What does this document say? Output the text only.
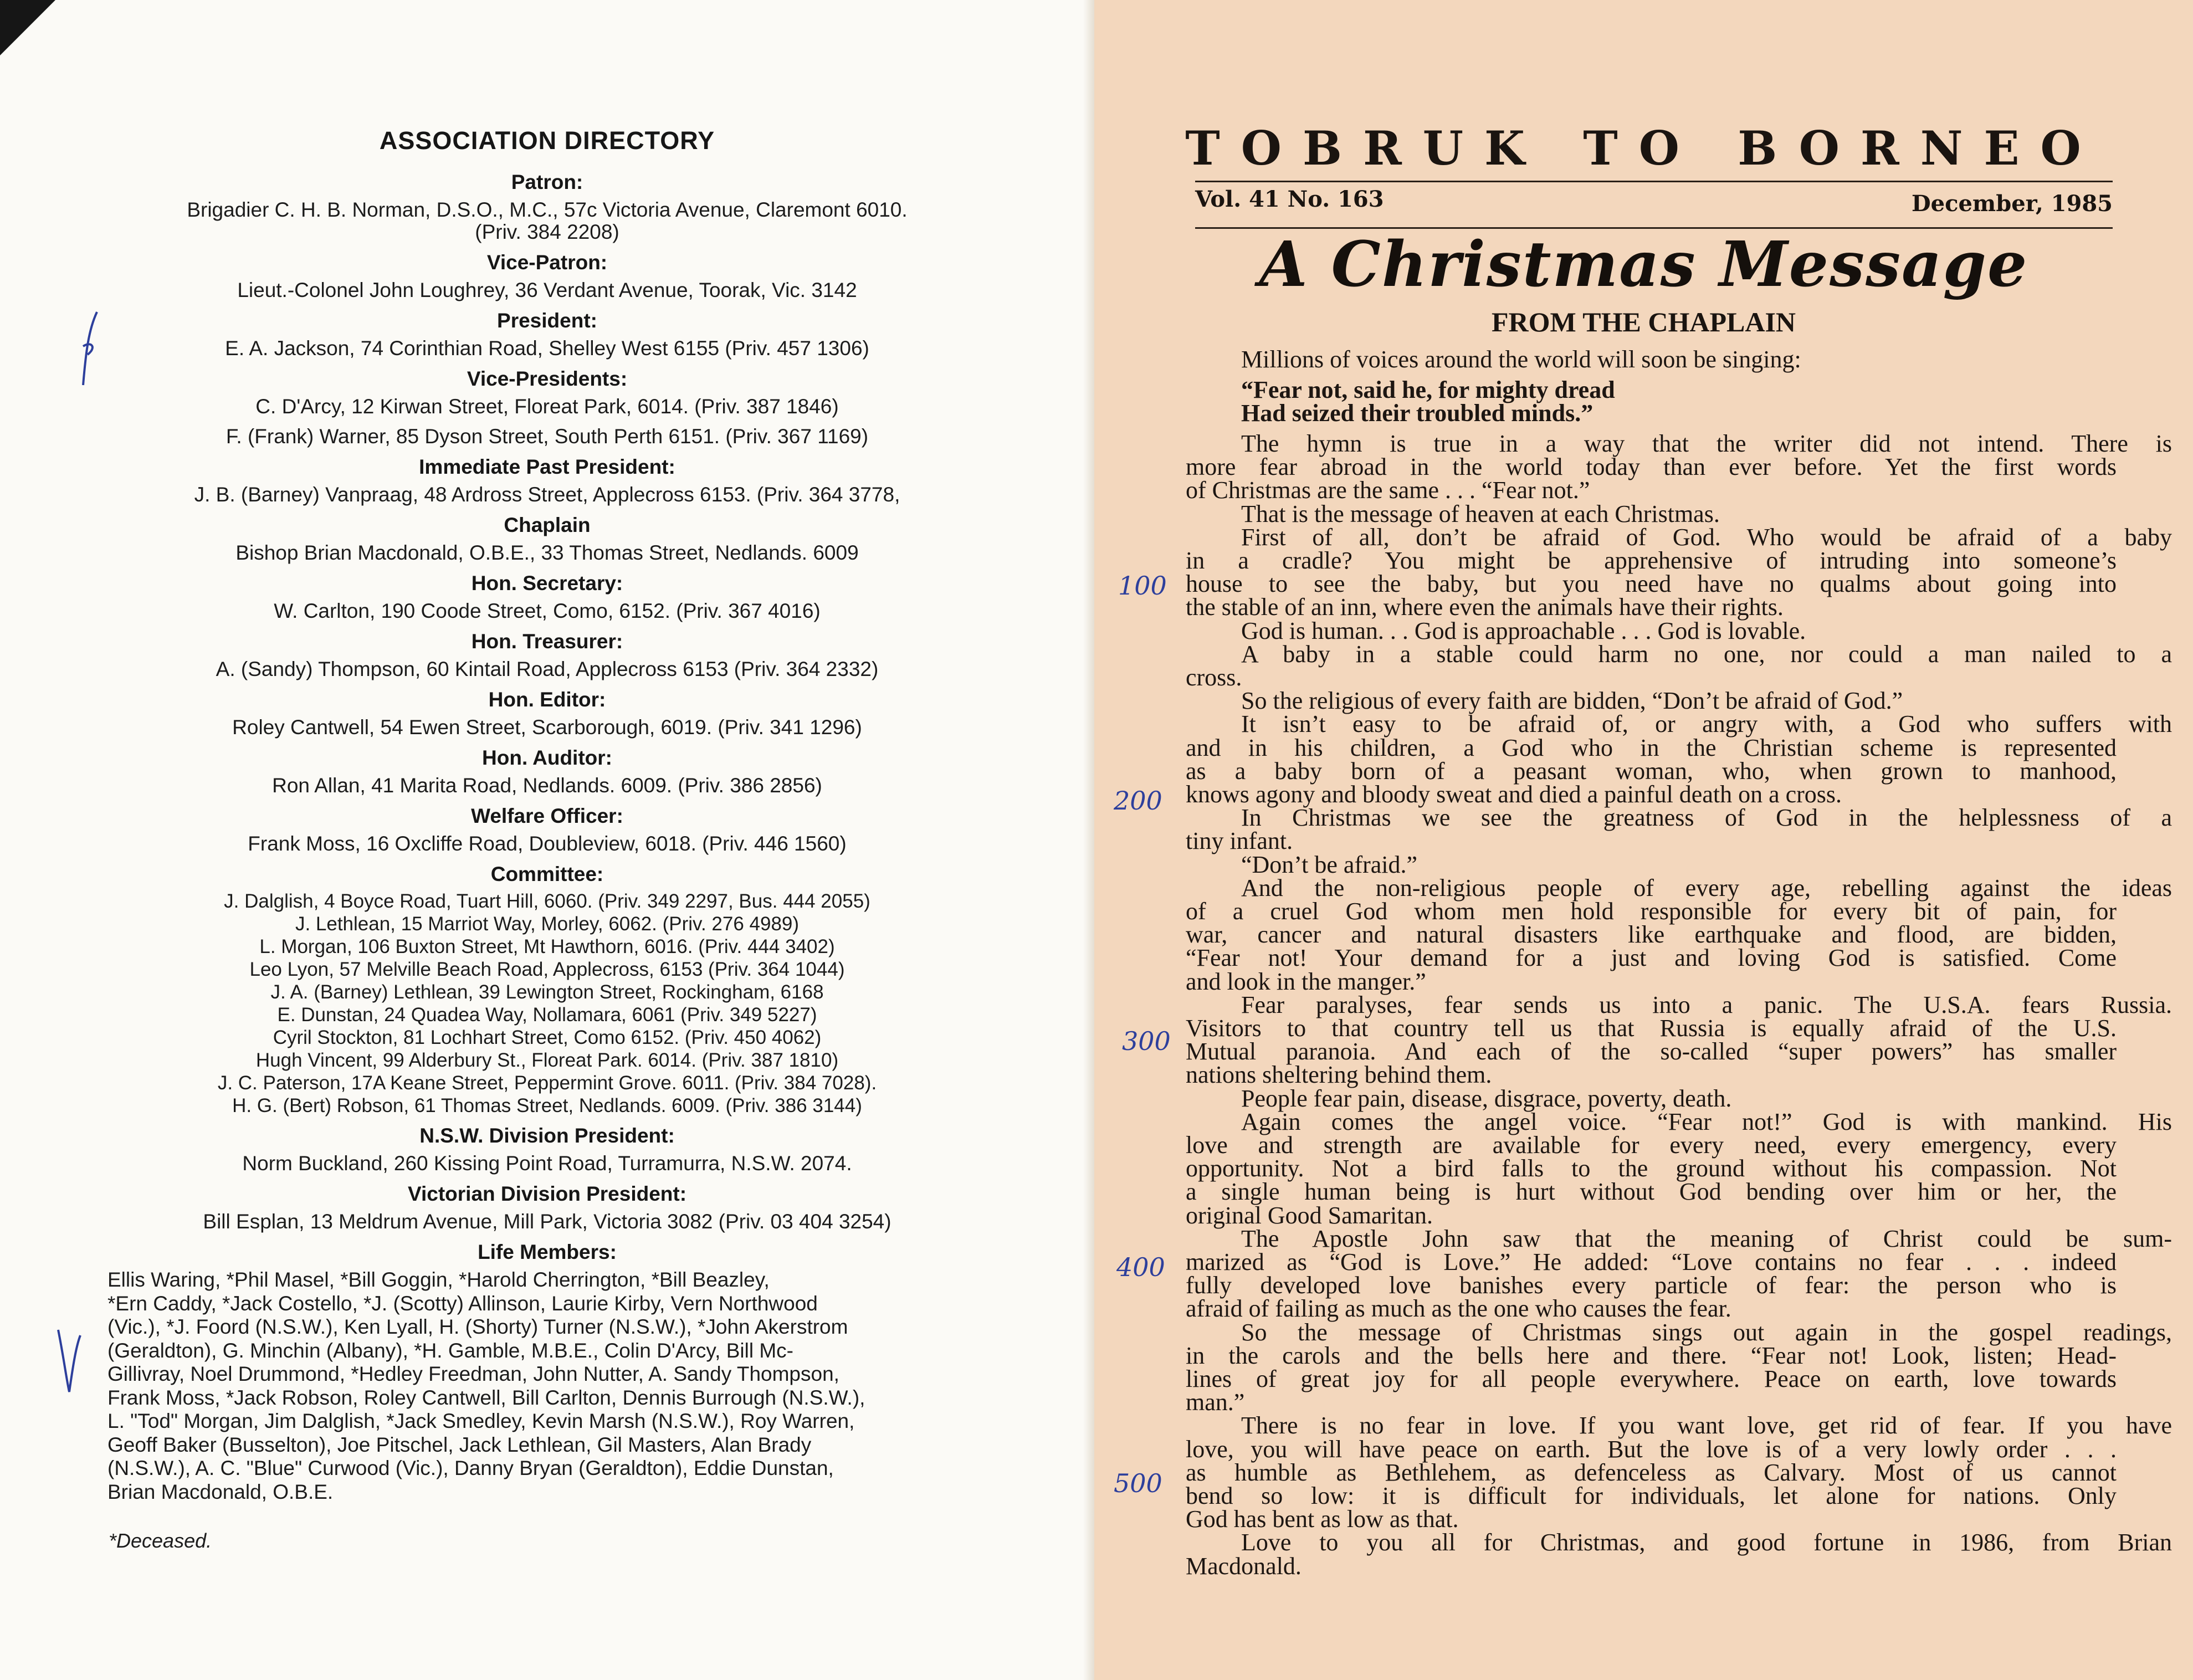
ASSOCIATION DIRECTORY
Patron:
Brigadier C. H. B. Norman, D.S.O., M.C., 57c Victoria Avenue, Claremont 6010.
(Priv. 384 2208)
Vice-Patron:
Lieut.-Colonel John Loughrey, 36 Verdant Avenue, Toorak, Vic. 3142
President:
E. A. Jackson, 74 Corinthian Road, Shelley West 6155 (Priv. 457 1306)
Vice-Presidents:
C. D'Arcy, 12 Kirwan Street, Floreat Park, 6014. (Priv. 387 1846)
F. (Frank) Warner, 85 Dyson Street, South Perth 6151. (Priv. 367 1169)
Immediate Past President:
J. B. (Barney) Vanpraag, 48 Ardross Street, Applecross 6153. (Priv. 364 3778,
Chaplain
Bishop Brian Macdonald, O.B.E., 33 Thomas Street, Nedlands. 6009
Hon. Secretary:
W. Carlton, 190 Coode Street, Como, 6152. (Priv. 367 4016)
Hon. Treasurer:
A. (Sandy) Thompson, 60 Kintail Road, Applecross 6153 (Priv. 364 2332)
Hon. Editor:
Roley Cantwell, 54 Ewen Street, Scarborough, 6019. (Priv. 341 1296)
Hon. Auditor:
Ron Allan, 41 Marita Road, Nedlands. 6009. (Priv. 386 2856)
Welfare Officer:
Frank Moss, 16 Oxcliffe Road, Doubleview, 6018. (Priv. 446 1560)
Committee:
J. Dalglish, 4 Boyce Road, Tuart Hill, 6060. (Priv. 349 2297, Bus. 444 2055)
J. Lethlean, 15 Marriot Way, Morley, 6062. (Priv. 276 4989)
L. Morgan, 106 Buxton Street, Mt Hawthorn, 6016. (Priv. 444 3402)
Leo Lyon, 57 Melville Beach Road, Applecross, 6153 (Priv. 364 1044)
J. A. (Barney) Lethlean, 39 Lewington Street, Rockingham, 6168
E. Dunstan, 24 Quadea Way, Nollamara, 6061 (Priv. 349 5227)
Cyril Stockton, 81 Lochhart Street, Como 6152. (Priv. 450 4062)
Hugh Vincent, 99 Alderbury St., Floreat Park. 6014. (Priv. 387 1810)
J. C. Paterson, 17A Keane Street, Peppermint Grove. 6011. (Priv. 384 7028).
H. G. (Bert) Robson, 61 Thomas Street, Nedlands. 6009. (Priv. 386 3144)
N.S.W. Division President:
Norm Buckland, 260 Kissing Point Road, Turramurra, N.S.W. 2074.
Victorian Division President:
Bill Esplan, 13 Meldrum Avenue, Mill Park, Victoria 3082 (Priv. 03 404 3254)
Life Members:
Ellis Waring, *Phil Masel, *Bill Goggin, *Harold Cherrington, *Bill Beazley,
*Ern Caddy, *Jack Costello, *J. (Scotty) Allinson, Laurie Kirby, Vern Northwood
(Vic.), *J. Foord (N.S.W.), Ken Lyall, H. (Shorty) Turner (N.S.W.), *John Akerstrom
(Geraldton), G. Minchin (Albany), *H. Gamble, M.B.E., Colin D'Arcy, Bill Mc-
Gillivray, Noel Drummond, *Hedley Freedman, John Nutter, A. Sandy Thompson,
Frank Moss, *Jack Robson, Roley Cantwell, Bill Carlton, Dennis Burrough (N.S.W.),
L. "Tod" Morgan, Jim Dalglish, *Jack Smedley, Kevin Marsh (N.S.W.), Roy Warren,
Geoff Baker (Busselton), Joe Pitschel, Jack Lethlean, Gil Masters, Alan Brady
(N.S.W.), A. C. "Blue" Curwood (Vic.), Danny Bryan (Geraldton), Eddie Dunstan,
Brian Macdonald, O.B.E.
*Deceased.
TOBRUK TO BORNEO
Vol. 41 No. 163	December, 1985
A Christmas Message
FROM THE CHAPLAIN
Millions of voices around the world will soon be singing:
“Fear not, said he, for mighty dread
Had seized their troubled minds.”
The hymn is true in a way that the writer did not intend. There is
more fear abroad in the world today than ever before. Yet the first words
of Christmas are the same . . . “Fear not.”
That is the message of heaven at each Christmas.
First of all, don’t be afraid of God. Who would be afraid of a baby
in a cradle? You might be apprehensive of intruding into someone’s
house to see the baby, but you need have no qualms about going into
the stable of an inn, where even the animals have their rights.
God is human. . . God is approachable . . . God is lovable.
A baby in a stable could harm no one, nor could a man nailed to a
cross.
So the religious of every faith are bidden, “Don’t be afraid of God.”
It isn’t easy to be afraid of, or angry with, a God who suffers with
and in his children, a God who in the Christian scheme is represented
as a baby born of a peasant woman, who, when grown to manhood,
knows agony and bloody sweat and died a painful death on a cross.
In Christmas we see the greatness of God in the helplessness of a
tiny infant.
“Don’t be afraid.”
And the non-religious people of every age, rebelling against the ideas
of a cruel God whom men hold responsible for every bit of pain, for
war, cancer and natural disasters like earthquake and flood, are bidden,
“Fear not! Your demand for a just and loving God is satisfied. Come
and look in the manger.”
Fear paralyses, fear sends us into a panic. The U.S.A. fears Russia.
Visitors to that country tell us that Russia is equally afraid of the U.S.
Mutual paranoia. And each of the so-called “super powers” has smaller
nations sheltering behind them.
People fear pain, disease, disgrace, poverty, death.
Again comes the angel voice. “Fear not!” God is with mankind. His
love and strength are available for every need, every emergency, every
opportunity. Not a bird falls to the ground without his compassion. Not
a single human being is hurt without God bending over him or her, the
original Good Samaritan.
The Apostle John saw that the meaning of Christ could be sum-
marized as “God is Love.” He added: “Love contains no fear . . . indeed
fully developed love banishes every particle of fear: the person who is
afraid of failing as much as the one who causes the fear.
So the message of Christmas sings out again in the gospel readings,
in the carols and the bells here and there. “Fear not! Look, listen; Head-
lines of great joy for all people everywhere. Peace on earth, love towards
man.”
There is no fear in love. If you want love, get rid of fear. If you have
love, you will have peace on earth. But the love is of a very lowly order . . .
as humble as Bethlehem, as defenceless as Calvary. Most of us cannot
bend so low: it is difficult for individuals, let alone for nations. Only
God has bent as low as that.
Love to you all for Christmas, and good fortune in 1986, from Brian
Macdonald.
100
200
300
400
500
